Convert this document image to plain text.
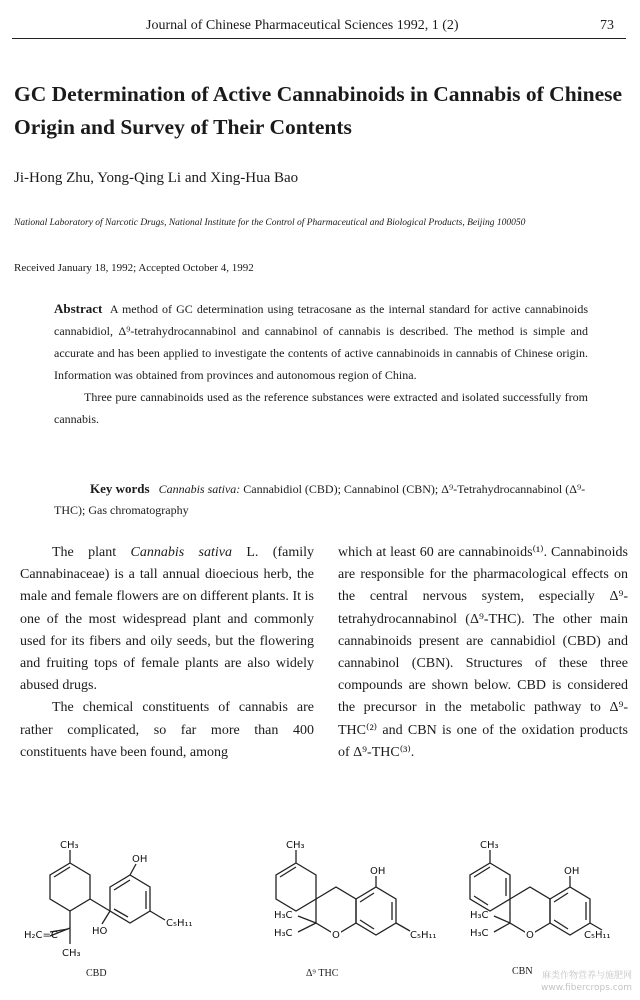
Journal of Chinese Pharmaceutical Sciences 1992, 1 (2)	73
GC Determination of Active Cannabinoids in Cannabis of Chinese Origin and Survey of Their Contents
Ji-Hong Zhu, Yong-Qing Li and Xing-Hua Bao
National Laboratory of Narcotic Drugs, National Institute for the Control of Pharmaceutical and Biological Products, Beijing 100050
Received January 18, 1992; Accepted October 4, 1992
Abstract A method of GC determination using tetracosane as the internal standard for active cannabinoids cannabidiol, Δ⁹-tetrahydrocannabinol and cannabinol of cannabis is described. The method is simple and accurate and has been applied to investigate the contents of active cannabinoids in cannabis of Chinese origin. Information was obtained from provinces and autonomous region of China.
Three pure cannabinoids used as the reference substances were extracted and isolated successfully from cannabis.
Key words Cannabis sativa: Cannabidiol (CBD); Cannabinol (CBN); Δ⁹-Tetrahydrocannabinol (Δ⁹-THC); Gas chromatography

The plant Cannabis sativa L. (family Cannabinaceae) is a tall annual dioecious herb, the male and female flowers are on different plants. It is one of the most widespread plant and commonly used for its fibers and oily seeds, but the flowering and fruiting tops of female plants are also widely abused drugs.

The chemical constituents of cannabis are rather complicated, so far more than 400 constituents have been found, among

which at least 60 are cannabinoids⁽¹⁾. Cannabinoids are responsible for the pharmacological effects on the central nervous system, especially Δ⁹-tetrahydrocannabinol (Δ⁹-THC). The other main cannabinoids present are cannabidiol (CBD) and cannabinol (CBN). Structures of these three compounds are shown below. CBD is considered the precursor in the metabolic pathway to Δ⁹-THC⁽²⁾ and CBN is one of the oxidation products of Δ⁹-THC⁽³⁾.

CH₃
OH
H₂C=C	HO
CH₃
C₅H₁₁
CBD
CH₃
OH
H₃C
H₃C	O	C₅H₁₁
Δ⁹ THC
CH₃
OH
H₃C
H₃C	O	C₅H₁₁
CBN 麻类作物营养与施肥网
www.fibercrops.com
